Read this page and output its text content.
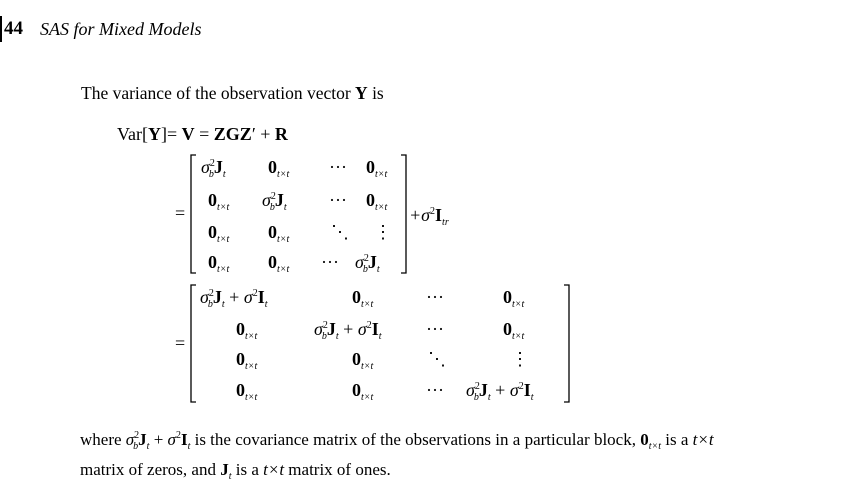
44 SAS for Mixed Models
The variance of the observation vector Y is
Var[Y]= V = ZGZ′ + R
=
$\sigma^2_bJ_t$ $0_{t\times t}$ ··· $0_{t\times t}$
$0_{t\times t}$ $\sigma^2_bJ_t$ ··· $0_{t\times t} +\sigma^2I_{tr}$
$0_{t\times t}$ $0_{t\times t}$ ⋱ ⋮
$0_{t\times t}$ $0_{t\times t}$ ··· $\sigma^2_bJ_t$
=
$\sigma^2_bJ_t + \sigma^2I_t$	$0_{t\times t}$	···	$0_{t\times t}$
$0_{t\times t}$	$\sigma^2_bJ_t + \sigma^2I_t$ ···	$0_{t\times t}$
$0_{t\times t}$	$0_{t\times t}$	⋱	⋮
$0_{t\times t}$	$0_{t\times t}$	··· $\sigma^2_bJ_t + \sigma^2I_t$
where $\sigma^2_bJ_t + \sigma^2I_t$ is the covariance matrix of the observations in a particular block, $0_{t\times t}$ is a t×t
matrix of zeros, and $J_t$ is a t×t matrix of ones.
